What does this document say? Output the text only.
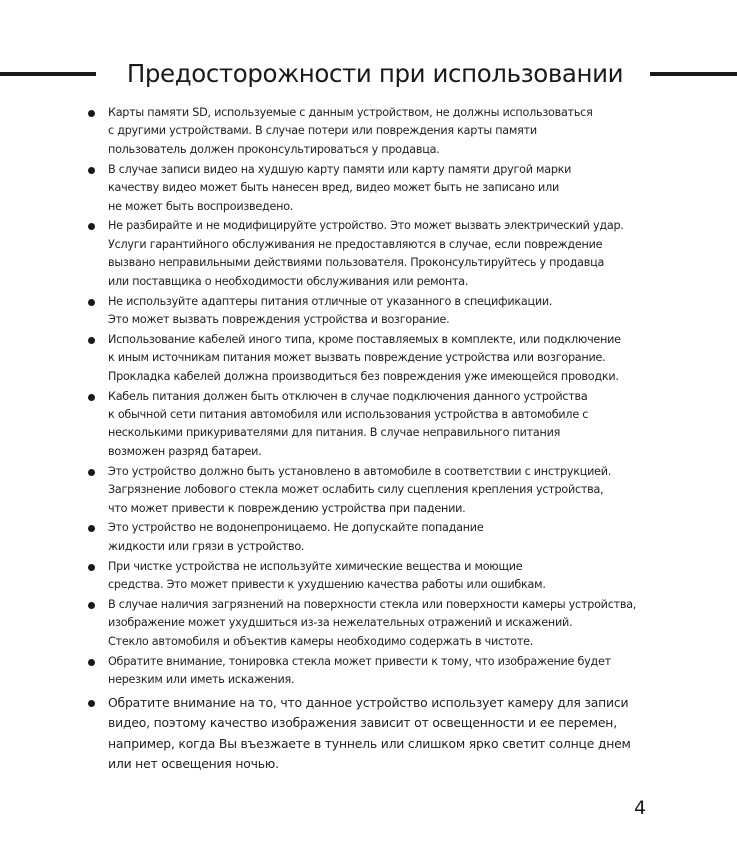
Предосторожности при использовании
Карты памяти SD, используемые с данным устройством, не должны использоваться
с другими устройствами. В случае потери или повреждения карты памяти
пользователь должен проконсультироваться у продавца.
В случае записи видео на худшую карту памяти или карту памяти другой марки
качеству видео может быть нанесен вред, видео может быть не записано или
не может быть воспроизведено.
Не разбирайте и не модифицируйте устройство. Это может вызвать электрический удар.
Услуги гарантийного обслуживания не предоставляются в случае, если повреждение
вызвано неправильными действиями пользователя. Проконсультируйтесь у продавца
или поставщика о необходимости обслуживания или ремонта.
Не используйте адаптеры питания отличные от указанного в спецификации.
Это может вызвать повреждения устройства и возгорание.
Использование кабелей иного типа, кроме поставляемых в комплекте, или подключение
к иным источникам питания может вызвать повреждение устройства или возгорание.
Прокладка кабелей должна производиться без повреждения уже имеющейся проводки.
Кабель питания должен быть отключен в случае подключения данного устройства
к обычной сети питания автомобиля или использования устройства в автомобиле с
несколькими прикуривателями для питания. В случае неправильного питания
возможен разряд батареи.
Это устройство должно быть установлено в автомобиле в соответствии с инструкцией.
Загрязнение лобового стекла может ослабить силу сцепления крепления устройства,
что может привести к повреждению устройства при падении.
Это устройство не водонепроницаемо. Не допускайте попадание
жидкости или грязи в устройство.
При чистке устройства не используйте химические вещества и моющие
средства. Это может привести к ухудшению качества работы или ошибкам.
В случае наличия загрязнений на поверхности стекла или поверхности камеры устройства,
изображение может ухудшиться из-за нежелательных отражений и искажений.
Стекло автомобиля и объектив камеры необходимо содержать в чистоте.
Обратите внимание, тонировка стекла может привести к тому, что изображение будет
нерезким или иметь искажения.
Обратите внимание на то, что данное устройство использует камеру для записи
видео, поэтому качество изображения зависит от освещенности и ее перемен,
например, когда Вы въезжаете в туннель или слишком ярко светит солнце днем
или нет освещения ночью.
4
